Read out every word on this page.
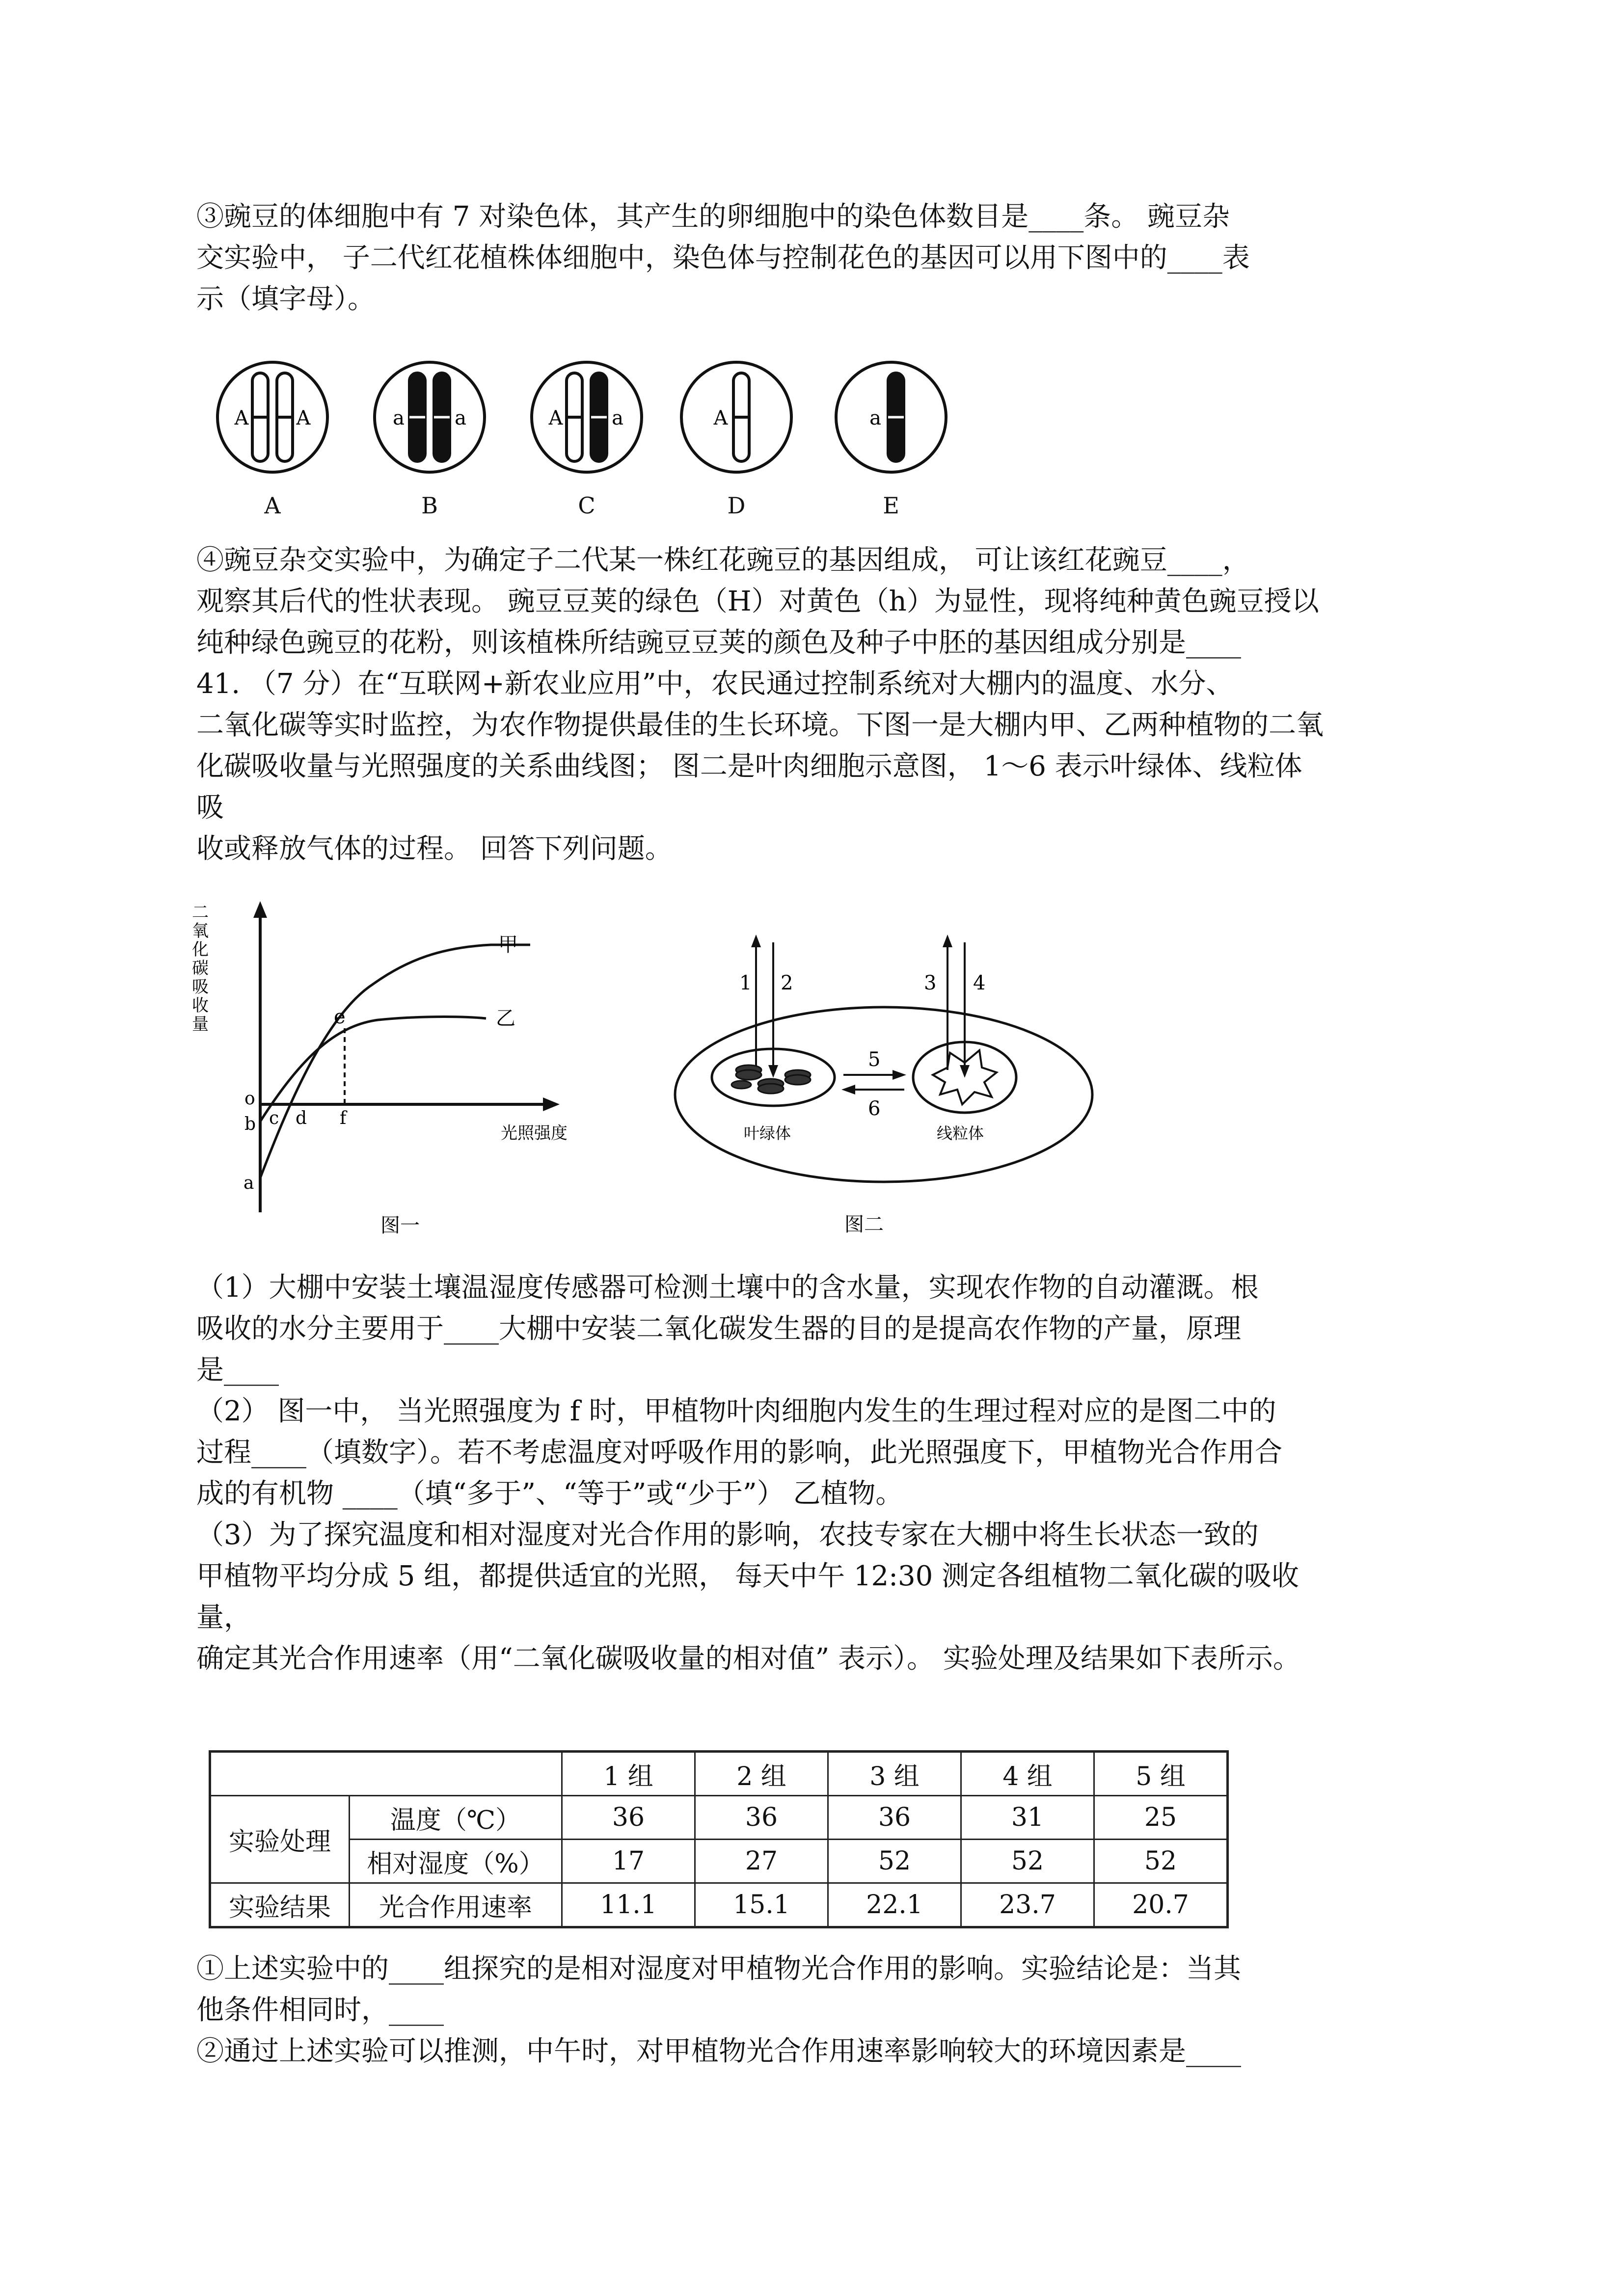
③豌豆的体细胞中有 7 对染色体，其产生的卵细胞中的染色体数目是____条。 豌豆杂
交实验中， 子二代红花植株体细胞中，染色体与控制花色的基因可以用下图中的____表
示（填字母）。
A A	a	a	A a	A	a
A	B	C	D	E
④豌豆杂交实验中，为确定子二代某一株红花豌豆的基因组成， 可让该红花豌豆____，
观察其后代的性状表现。 豌豆豆荚的绿色（H）对黄色（h）为显性，现将纯种黄色豌豆授以
纯种绿色豌豆的花粉，则该植株所结豌豆豆荚的颜色及种子中胚的基因组成分别是____
41. （7 分）在“互联网+新农业应用”中，农民通过控制系统对大棚内的温度、水分、
二氧化碳等实时监控，为农作物提供最佳的生长环境。下图一是大棚内甲、乙两种植物的二氧
化碳吸收量与光照强度的关系曲线图； 图二是叶肉细胞示意图， 1～6 表示叶绿体、线粒体
吸
收或释放气体的过程。 回答下列问题。
二
氧
化
碳
吸
收
量
甲
乙
e
o
b
a
c d f
光照强度
图一
1 2	3 4
5
6
叶绿体	线粒体
图二
（1）大棚中安装土壤温湿度传感器可检测土壤中的含水量，实现农作物的自动灌溉。根
吸收的水分主要用于____大棚中安装二氧化碳发生器的目的是提高农作物的产量，原理
是____
（2） 图一中， 当光照强度为 f 时，甲植物叶肉细胞内发生的生理过程对应的是图二中的
过程____（填数字）。若不考虑温度对呼吸作用的影响，此光照强度下，甲植物光合作用合
成的有机物 ____（填“多于”、“等于”或“少于”） 乙植物。
（3）为了探究温度和相对湿度对光合作用的影响，农技专家在大棚中将生长状态一致的
甲植物平均分成 5 组，都提供适宜的光照， 每天中午 12:30 测定各组植物二氧化碳的吸收
量，
确定其光合作用速率（用“二氧化碳吸收量的相对值” 表示）。 实验处理及结果如下表所示。
		1 组	2 组	3 组	4 组	5 组
实验处理	温度（℃）	36	36	36	31	25
	相对湿度（%）	17	27	52	52	52
实验结果	光合作用速率	11.1	15.1	22.1	23.7	20.7
①上述实验中的____组探究的是相对湿度对甲植物光合作用的影响。实验结论是：当其
他条件相同时，____
②通过上述实验可以推测，中午时，对甲植物光合作用速率影响较大的环境因素是____
